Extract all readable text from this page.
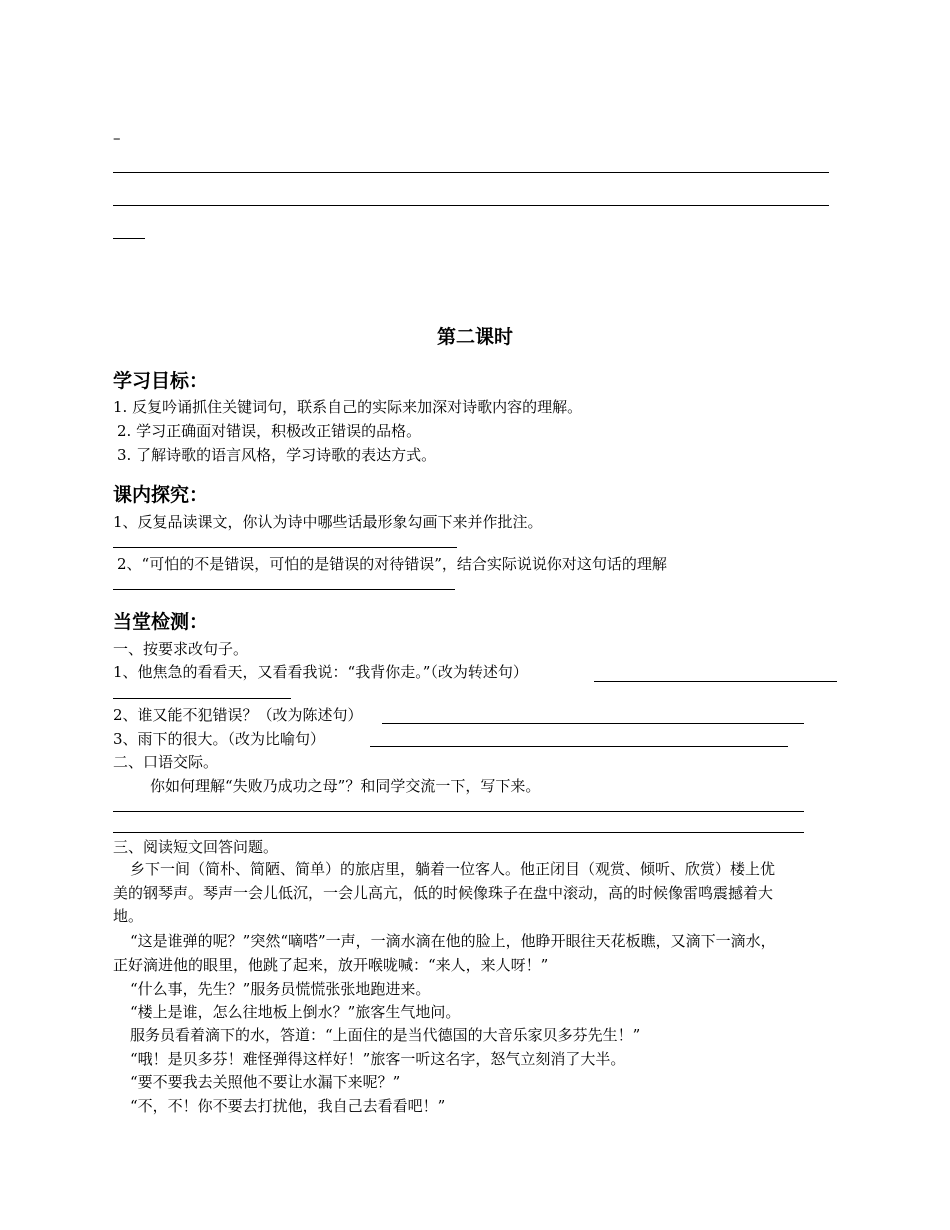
–
第二课时
学习目标：
1. 反复吟诵抓住关键词句，联系自己的实际来加深对诗歌内容的理解。
2. 学习正确面对错误，积极改正错误的品格。
3. 了解诗歌的语言风格，学习诗歌的表达方式。
课内探究：
1、反复品读课文，你认为诗中哪些话最形象勾画下来并作批注。
2、“可怕的不是错误，可怕的是错误的对待错误”，结合实际说说你对这句话的理解
当堂检测：
一、按要求改句子。
1、他焦急的看看天，又看看我说：“我背你走。”（改为转述句）
2、谁又能不犯错误？（改为陈述句）
3、雨下的很大。（改为比喻句）
二、口语交际。
你如何理解“失败乃成功之母”？和同学交流一下，写下来。
三、阅读短文回答问题。
乡下一间（简朴、简陋、简单）的旅店里，躺着一位客人。他正闭目（观赏、倾听、欣赏）楼上优
美的钢琴声。琴声一会儿低沉，一会儿高亢，低的时候像珠子在盘中滚动，高的时候像雷鸣震撼着大
地。
“这是谁弹的呢？”突然“嘀嗒”一声，一滴水滴在他的脸上，他睁开眼往天花板瞧，又滴下一滴水，
正好滴进他的眼里，他跳了起来，放开喉咙喊：“来人，来人呀！”
“什么事，先生？”服务员慌慌张张地跑进来。
“楼上是谁，怎么往地板上倒水？”旅客生气地问。
服务员看着滴下的水，答道：“上面住的是当代德国的大音乐家贝多芬先生！”
“哦！是贝多芬！难怪弹得这样好！”旅客一听这名字，怒气立刻消了大半。
“要不要我去关照他不要让水漏下来呢？”
“不，不！你不要去打扰他，我自己去看看吧！”
